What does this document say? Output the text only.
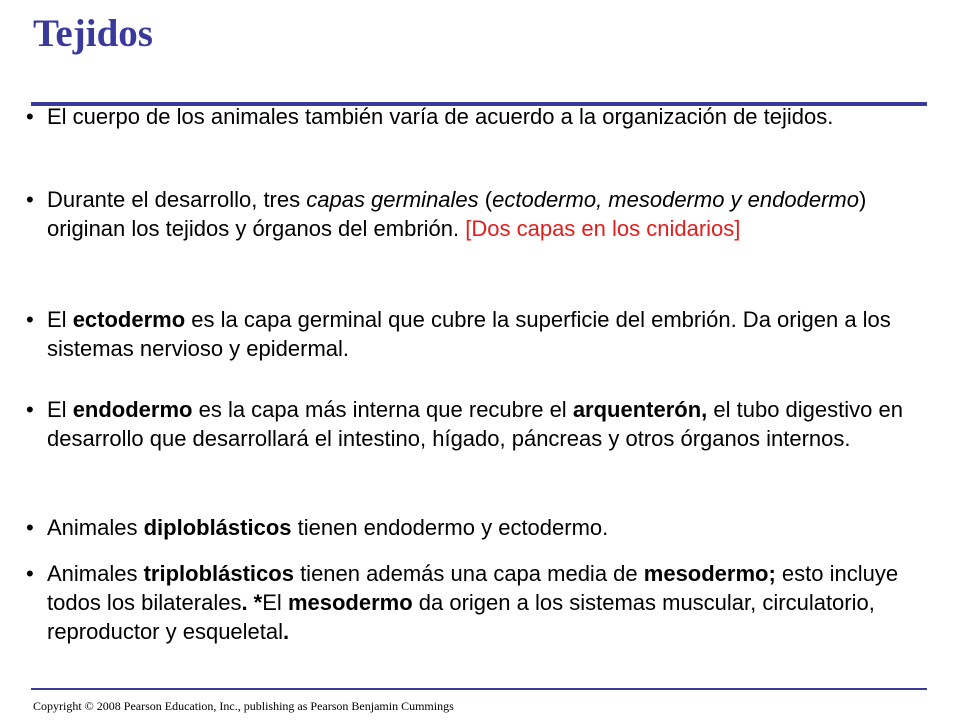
Tejidos
• El cuerpo de los animales también varía de acuerdo a la organización de tejidos.
• Durante el desarrollo, tres capas germinales (ectodermo, mesodermo y endodermo) originan los tejidos y órganos del embrión. [Dos capas en los cnidarios]
• El ectodermo es la capa germinal que cubre la superficie del embrión. Da origen a los sistemas nervioso y epidermal.
• El endodermo es la capa más interna que recubre el arquenterón, el tubo digestivo en desarrollo que desarrollará el intestino, hígado, páncreas y otros órganos internos.
• Animales diploblásticos tienen endodermo y ectodermo.
• Animales triploblásticos tienen además una capa media de mesodermo; esto incluye todos los bilaterales. *El mesodermo da origen a los sistemas muscular, circulatorio, reproductor y esqueletal.

Copyright © 2008 Pearson Education, Inc., publishing as Pearson Benjamin Cummings
